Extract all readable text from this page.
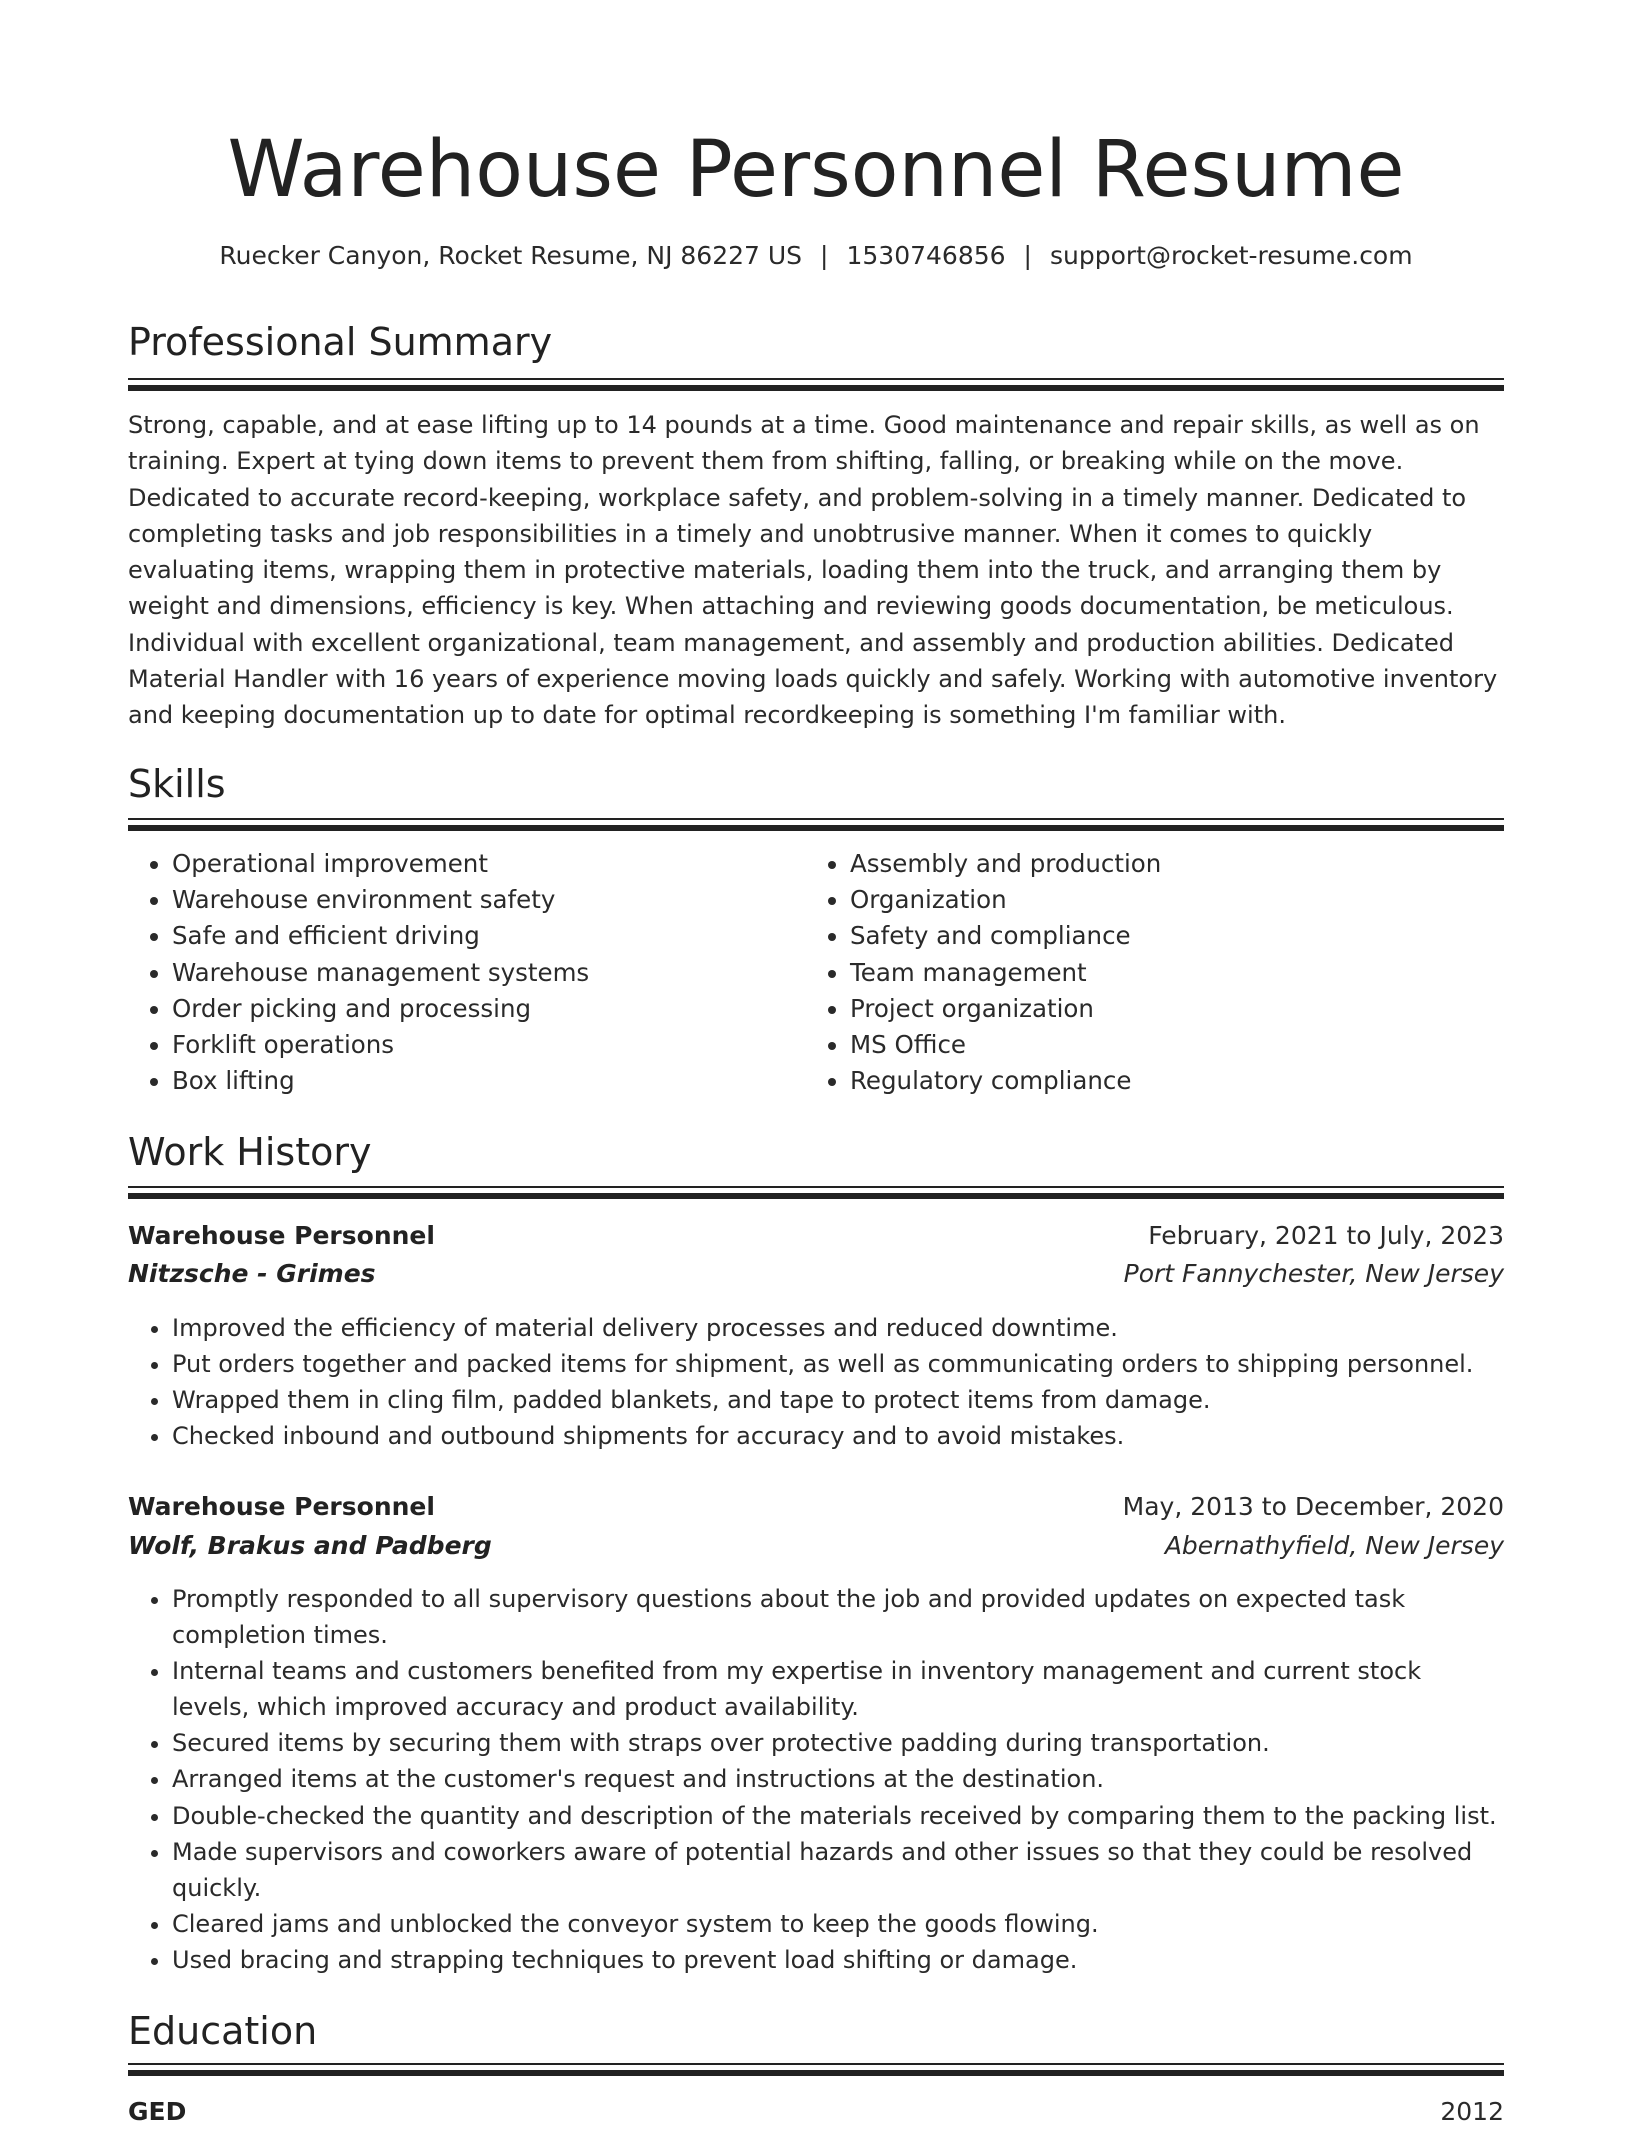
Warehouse Personnel Resume
Ruecker Canyon, Rocket Resume, NJ 86227 US | 1530746856 | support@rocket-resume.com
Professional Summary

Strong, capable, and at ease lifting up to 14 pounds at a time. Good maintenance and repair skills, as well as on training. Expert at tying down items to prevent them from shifting, falling, or breaking while on the move. Dedicated to accurate record-keeping, workplace safety, and problem-solving in a timely manner. Dedicated to completing tasks and job responsibilities in a timely and unobtrusive manner. When it comes to quickly evaluating items, wrapping them in protective materials, loading them into the truck, and arranging them by weight and dimensions, efficiency is key. When attaching and reviewing goods documentation, be meticulous. Individual with excellent organizational, team management, and assembly and production abilities. Dedicated Material Handler with 16 years of experience moving loads quickly and safely. Working with automotive inventory and keeping documentation up to date for optimal recordkeeping is something I'm familiar with.

Skills
• Operational improvement
• Warehouse environment safety
• Safe and efficient driving
• Warehouse management systems
• Order picking and processing
• Forklift operations
• Box lifting
• Assembly and production
• Organization
• Safety and compliance
• Team management
• Project organization
• MS Office
• Regulatory compliance
Work History
Warehouse Personnel	February, 2021 to July, 2023
Nitzsche - Grimes	Port Fannychester, New Jersey
• Improved the efficiency of material delivery processes and reduced downtime.
• Put orders together and packed items for shipment, as well as communicating orders to shipping personnel.
• Wrapped them in cling film, padded blankets, and tape to protect items from damage.
• Checked inbound and outbound shipments for accuracy and to avoid mistakes.
Warehouse Personnel	May, 2013 to December, 2020
Wolf, Brakus and Padberg	Abernathyfield, New Jersey
• Promptly responded to all supervisory questions about the job and provided updates on expected task completion times.
• Internal teams and customers benefited from my expertise in inventory management and current stock levels, which improved accuracy and product availability.
• Secured items by securing them with straps over protective padding during transportation.
• Arranged items at the customer's request and instructions at the destination.
• Double-checked the quantity and description of the materials received by comparing them to the packing list.
• Made supervisors and coworkers aware of potential hazards and other issues so that they could be resolved quickly.
• Cleared jams and unblocked the conveyor system to keep the goods flowing.
• Used bracing and strapping techniques to prevent load shifting or damage.
Education
GED	2012
